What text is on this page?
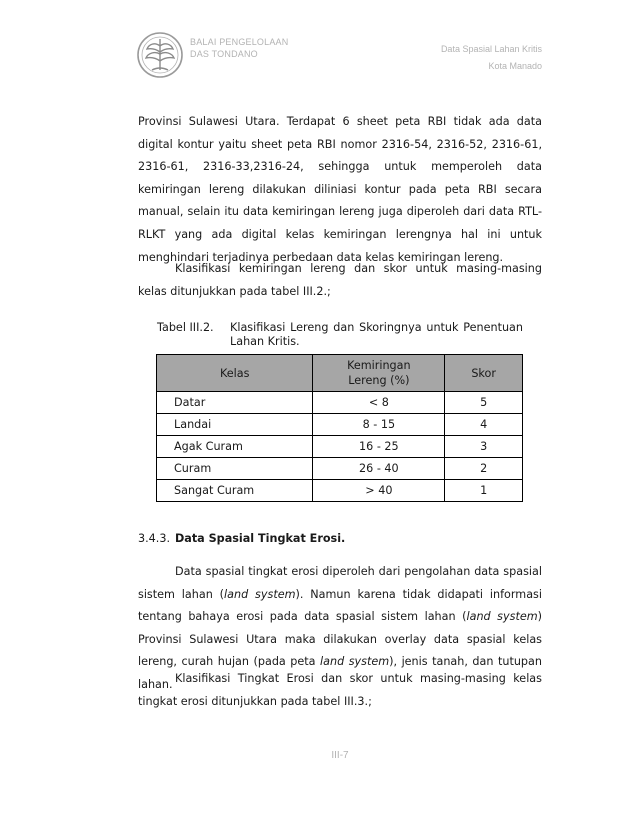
BALAI PENGELOLAAN
DAS TONDANO	Data Spasial Lahan Kritis
Kota Manado

Provinsi Sulawesi Utara. Terdapat 6 sheet peta RBI tidak ada data digital kontur yaitu sheet peta RBI nomor 2316-54, 2316-52, 2316-61, 2316-61, 2316-33,2316-24, sehingga untuk memperoleh data kemiringan lereng dilakukan diliniasi kontur pada peta RBI secara manual, selain itu data kemiringan lereng juga diperoleh dari data RTL-RLKT yang ada digital kelas kemiringan lerengnya hal ini untuk menghindari terjadinya perbedaan data kelas kemiringan lereng.

Klasifikasi kemiringan lereng dan skor untuk masing-masing kelas ditunjukkan pada tabel III.2.;

Tabel III.2. Klasifikasi Lereng dan Skoringnya untuk Penentuan Lahan Kritis.
Kelas	Kemiringan Lereng (%)	Skor
Datar	< 8	5
Landai	8 - 15	4
Agak Curam	16 - 25	3
Curam	26 - 40	2
Sangat Curam	> 40	1
3.4.3. Data Spasial Tingkat Erosi.

Data spasial tingkat erosi diperoleh dari pengolahan data spasial sistem lahan (land system). Namun karena tidak didapati informasi tentang bahaya erosi pada data spasial sistem lahan (land system) Provinsi Sulawesi Utara maka dilakukan overlay data spasial kelas lereng, curah hujan (pada peta land system), jenis tanah, dan tutupan lahan. Klasifikasi Tingkat Erosi dan skor untuk masing-masing kelas tingkat erosi ditunjukkan pada tabel III.3.;

III-7
